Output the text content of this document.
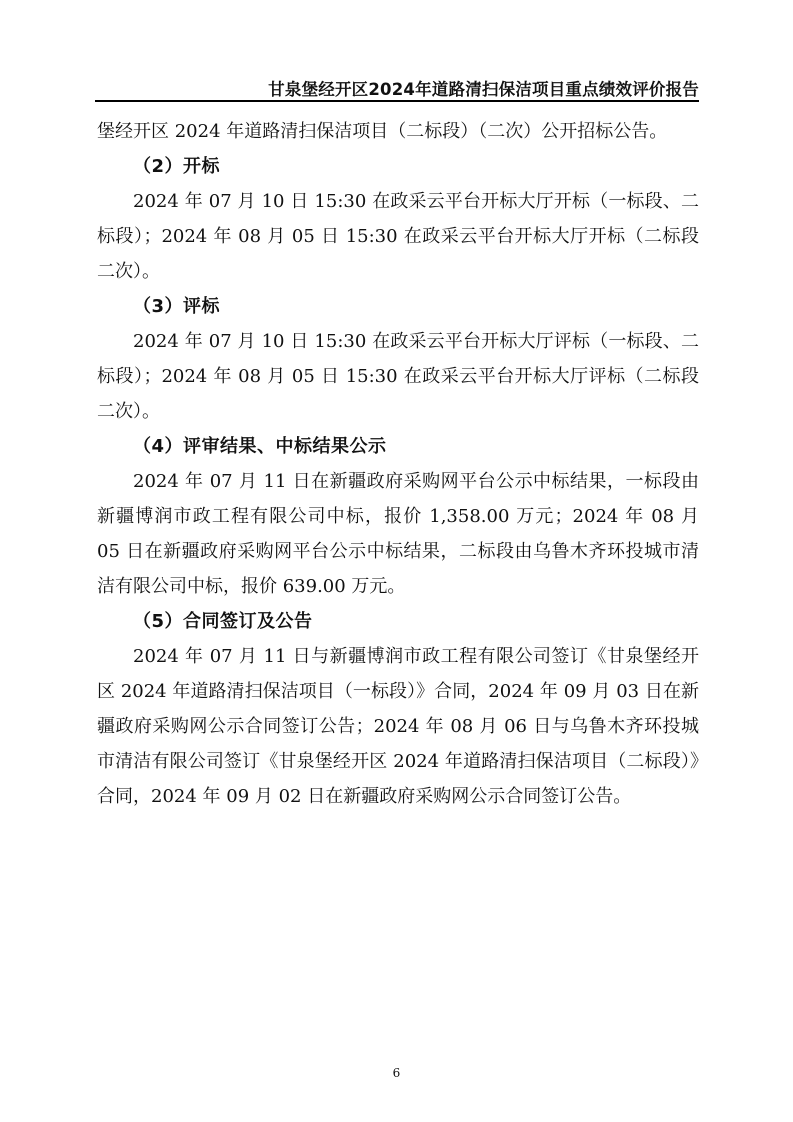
甘泉堡经开区2024年道路清扫保洁项目重点绩效评价报告

堡经开区 2024 年道路清扫保洁项目（二标段）（二次）公开招标公告。

（2）开标

2024 年 07 月 10 日 15:30 在政采云平台开标大厅开标（一标段、二标段）；2024 年 08 月 05 日 15:30 在政采云平台开标大厅开标（二标段二次）。

（3）评标

2024 年 07 月 10 日 15:30 在政采云平台开标大厅评标（一标段、二标段）；2024 年 08 月 05 日 15:30 在政采云平台开标大厅评标（二标段二次）。

（4）评审结果、中标结果公示

2024 年 07 月 11 日在新疆政府采购网平台公示中标结果，一标段由新疆博润市政工程有限公司中标，报价 1,358.00 万元；2024 年 08 月 05 日在新疆政府采购网平台公示中标结果，二标段由乌鲁木齐环投城市清洁有限公司中标，报价 639.00 万元。

（5）合同签订及公告

2024 年 07 月 11 日与新疆博润市政工程有限公司签订《甘泉堡经开区 2024 年道路清扫保洁项目（一标段）》合同，2024 年 09 月 03 日在新疆政府采购网公示合同签订公告；2024 年 08 月 06 日与乌鲁木齐环投城市清洁有限公司签订《甘泉堡经开区 2024 年道路清扫保洁项目（二标段）》合同，2024 年 09 月 02 日在新疆政府采购网公示合同签订公告。

6
